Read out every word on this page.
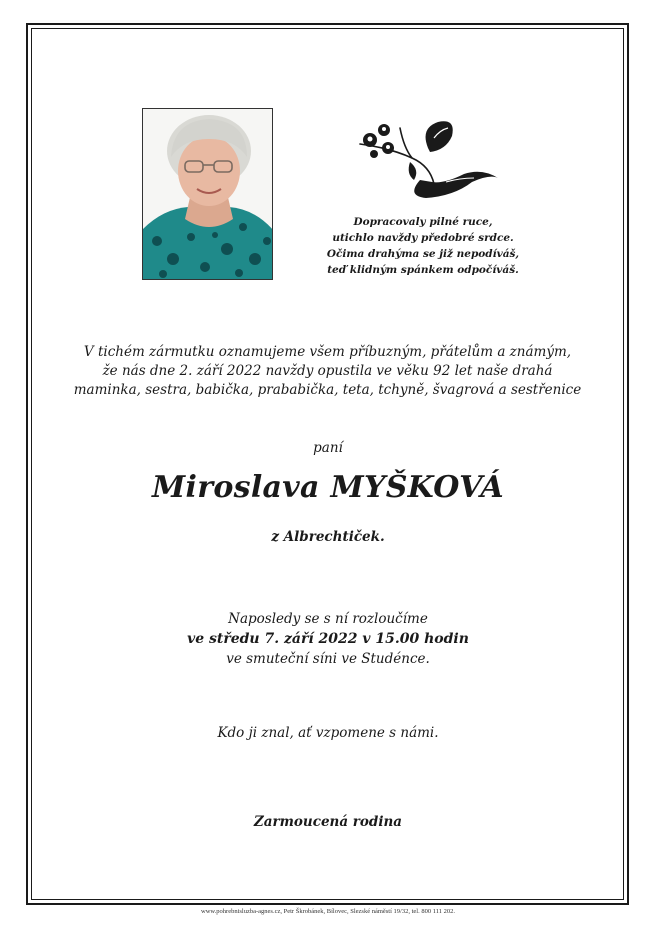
Dopracovaly pilné ruce,
utichlo navždy předobré srdce.
Očima drahýma se již nepodíváš,
teď klidným spánkem odpočíváš.
V tichém zármutku oznamujeme všem příbuzným, přátelům a známým,
že nás dne 2. září 2022 navždy opustila ve věku 92 let naše drahá
maminka, sestra, babička, prababička, teta, tchyně, švagrová a sestřenice
paní
Miroslava MYŠKOVÁ
z Albrechtiček.
Naposledy se s ní rozloučíme
ve středu 7. září 2022 v 15.00 hodin
ve smuteční síni ve Studénce.
Kdo ji znal, ať vzpomene s námi.
Zarmoucená rodina
www.pohrebnisluzba-agnes.cz, Petr Škrobánek, Bílovec, Slezské náměstí 19/32, tel. 800 111 202.
